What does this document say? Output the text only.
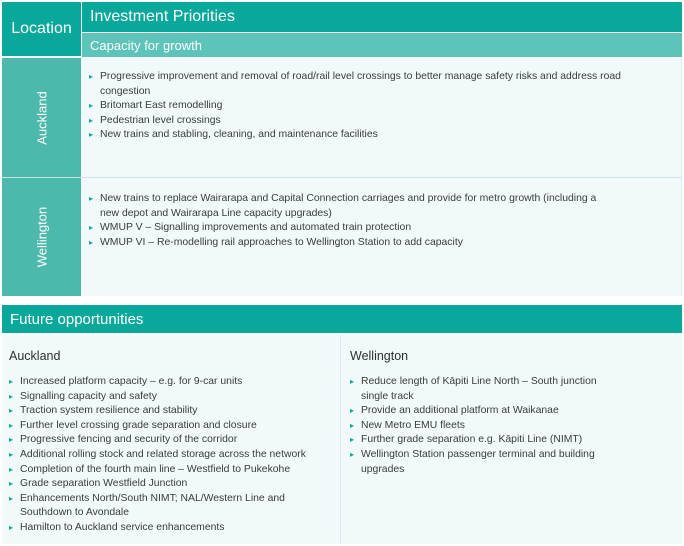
Location
Investment Priorities
Capacity for growth
Auckland
▸ Progressive improvement and removal of road/rail level crossings to better manage safety risks and address road congestion
▸ Britomart East remodelling
▸ Pedestrian level crossings
▸ New trains and stabling, cleaning, and maintenance facilities
Wellington
▸ New trains to replace Wairarapa and Capital Connection carriages and provide for metro growth (including a new depot and Wairarapa Line capacity upgrades)
▸ WMUP V – Signalling improvements and automated train protection
▸ WMUP VI – Re-modelling rail approaches to Wellington Station to add capacity
Future opportunities
Auckland
▸ Increased platform capacity – e.g. for 9-car units
▸ Signalling capacity and safety
▸ Traction system resilience and stability
▸ Further level crossing grade separation and closure
▸ Progressive fencing and security of the corridor
▸ Additional rolling stock and related storage across the network
▸ Completion of the fourth main line – Westfield to Pukekohe
▸ Grade separation Westfield Junction
▸ Enhancements North/South NIMT; NAL/Western Line and Southdown to Avondale
▸ Hamilton to Auckland service enhancements
Wellington
▸ Reduce length of Kāpiti Line North – South junction single track
▸ Provide an additional platform at Waikanae
▸ New Metro EMU fleets
▸ Further grade separation e.g. Kāpiti Line (NIMT)
▸ Wellington Station passenger terminal and building upgrades
